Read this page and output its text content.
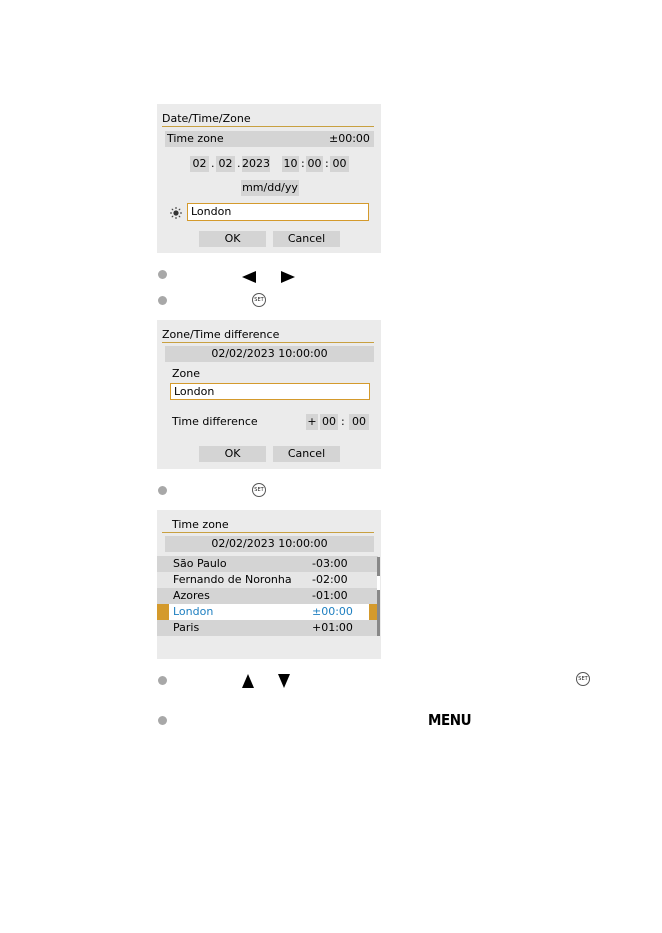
Date/Time/Zone
Time zone	±00:00
02 . 02 . 2023 10 : 00 : 00
mm/dd/yy
London
OK	Cancel
SET
Zone/Time difference
02/02/2023 10:00:00
Zone
London
Time difference	+ 00 : 00
OK	Cancel
SET
Time zone
02/02/2023 10:00:00
São Paulo	-03:00
Fernando de Noronha -02:00
Azores	-01:00
London	±00:00
Paris	+01:00
SET
MENU
